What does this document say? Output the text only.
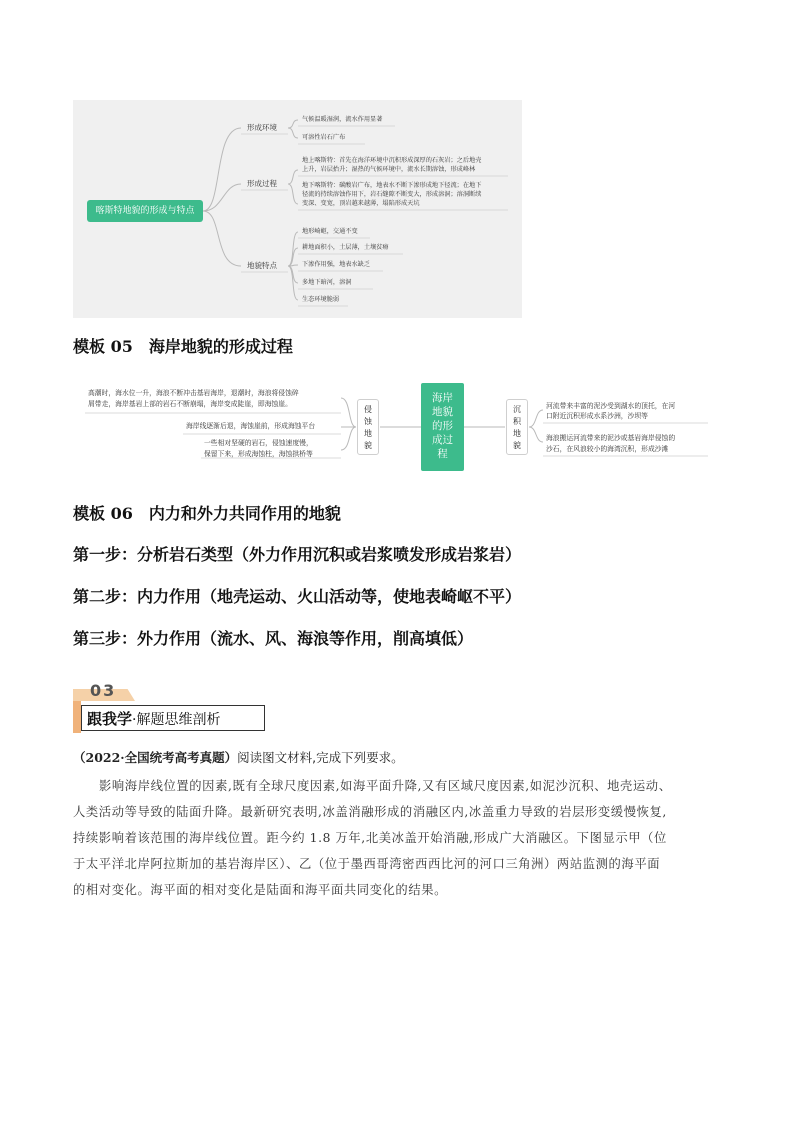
喀斯特地貌的形成与特点
形成环境
形成过程
地貌特点
气候温暖湿润，流水作用显著
可溶性岩石广布
地上喀斯特：首先在海洋环境中沉积形成深厚的石灰岩；之后地壳
上升，岩层抬升；湿热的气候环境中，流水长期溶蚀，形成峰林
地下喀斯特：碳酸岩广布，地表水不断下渗形成地下径流；在地下
径流的持续溶蚀作用下，岩石缝隙不断变大，形成溶洞；溶洞断续
变深、变宽，顶岩越来越薄，塌陷形成天坑
地形崎岖，交通不变
耕地面积小，土层薄，土壤贫瘠
下渗作用强，地表水缺乏
多地下暗河，溶洞
生态环境脆弱
模板 05　海岸地貌的形成过程
高潮时，海水位一升，海浪不断冲击基岩海岸，退潮时，海浪将侵蚀碎
屑带走，海岸基岩上部的岩石不断崩塌，海岸变成陡崖，即海蚀崖。
海岸线逐渐后退，海蚀崖前，形成海蚀平台
一些相对坚硬的岩石，侵蚀速度慢，
保留下来，形成海蚀柱，海蚀拱桥等
侵
蚀
地
貌
海岸
地貌
的形
成过
程
沉
积
地
貌
河流带来丰富的泥沙受到湖水的顶托，在河
口附近沉积形成水系沙洲，沙坝等
海浪搬运河流带来的泥沙或基岩海岸侵蚀的
沙石，在风浪较小的海湾沉积，形成沙滩
模板 06　内力和外力共同作用的地貌
第一步：分析岩石类型（外力作用沉积或岩浆喷发形成岩浆岩）
第二步：内力作用（地壳运动、火山活动等，使地表崎岖不平）
第三步：外力作用（流水、风、海浪等作用，削高填低）
03
跟我学·解题思维剖析
（2022·全国统考高考真题）阅读图文材料,完成下列要求。
影响海岸线位置的因素,既有全球尺度因素,如海平面升降,又有区域尺度因素,如泥沙沉积、地壳运动、
人类活动等导致的陆面升降。最新研究表明,冰盖消融形成的消融区内,冰盖重力导致的岩层形变缓慢恢复,
持续影响着该范围的海岸线位置。距今约 1.8 万年,北美冰盖开始消融,形成广大消融区。下图显示甲（位
于太平洋北岸阿拉斯加的基岩海岸区）、乙（位于墨西哥湾密西西比河的河口三角洲）两站监测的海平面
的相对变化。海平面的相对变化是陆面和海平面共同变化的结果。
